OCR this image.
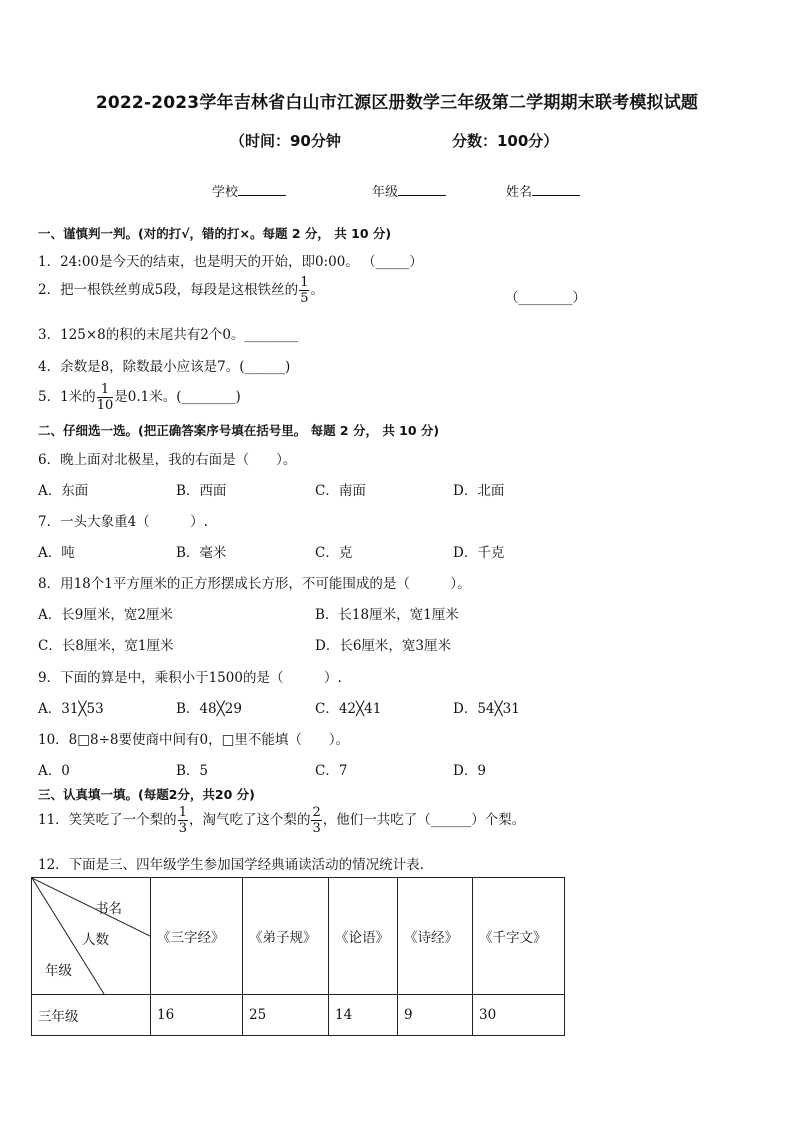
2022-2023学年吉林省白山市江源区册数学三年级第二学期期末联考模拟试题
（时间：90分钟	分数：100分）
学校	年级	姓名
一、谨慎判一判。(对的打√，错的打×。每题 2 分， 共 10 分)
1．24:00是今天的结束，也是明天的开始，即0:00。 （_____）
2．把一根铁丝剪成5段，每段是这根铁丝的 $\frac{1}{5}$ 。	（________）
3．125×8的积的末尾共有2个0。________
4．余数是8，除数最小应该是7。(______)
5．1米的 $\frac{1}{10}$ 是0.1米。(________)
二、仔细选一选。(把正确答案序号填在括号里。 每题 2 分， 共 10 分)
6．晚上面对北极星，我的右面是（　　）。
A．东面	B．西面	C．南面	D．北面
7．一头大象重4（　　　）.
A．吨	B．毫米	C．克	D．千克
8．用18个1平方厘米的正方形摆成长方形，不可能围成的是（　　　）。
A．长9厘米，宽2厘米	B．长18厘米，宽1厘米
C．长8厘米，宽1厘米	D．长6厘米，宽3厘米
9．下面的算是中，乘积小于1500的是（　　　）.
A．31╳53	B．48╳29	C．42╳41	D．54╳31
10．8□8÷8要使商中间有0，□里不能填（　　）。
A．0	B．5	C．7	D．9
三、认真填一填。(每题2分，共20 分)
11．笑笑吃了一个梨的 $\frac{1}{3}$ ，淘气吃了这个梨的 $\frac{2}{3}$ ，他们一共吃了（______）个梨。
12．下面是三、四年级学生参加国学经典诵读活动的情况统计表.
书名
人数
年级	《三字经》	《弟子规》	《论语》	《诗经》	《千字文》
三年级	16	25	14	9	30
